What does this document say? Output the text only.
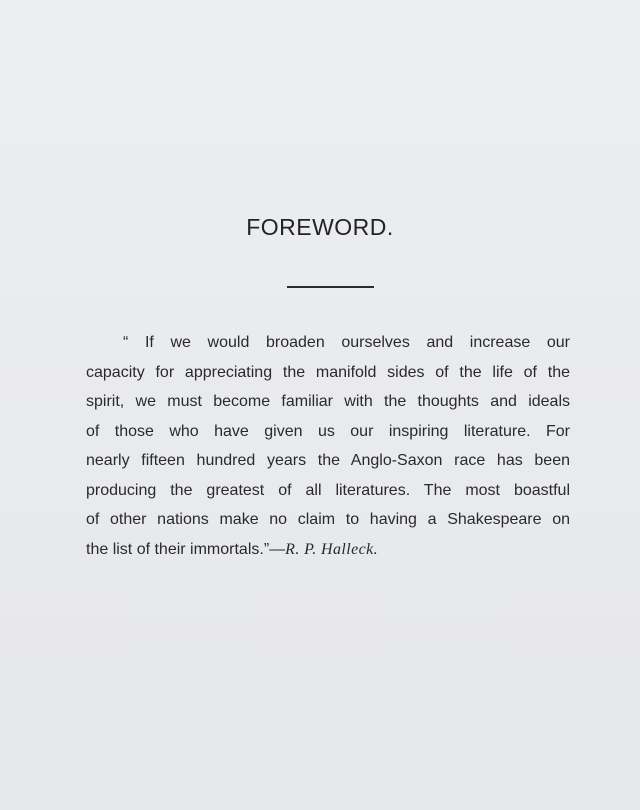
FOREWORD.
“ If we would broaden ourselves and increase our
capacity for appreciating the manifold sides of the life of the
spirit, we must become familiar with the thoughts and ideals
of those who have given us our inspiring literature. For
nearly fifteen hundred years the Anglo-Saxon race has been
producing the greatest of all literatures. The most boastful
of other nations make no claim to having a Shakespeare on
the list of their immortals.”—R. P. Halleck.
